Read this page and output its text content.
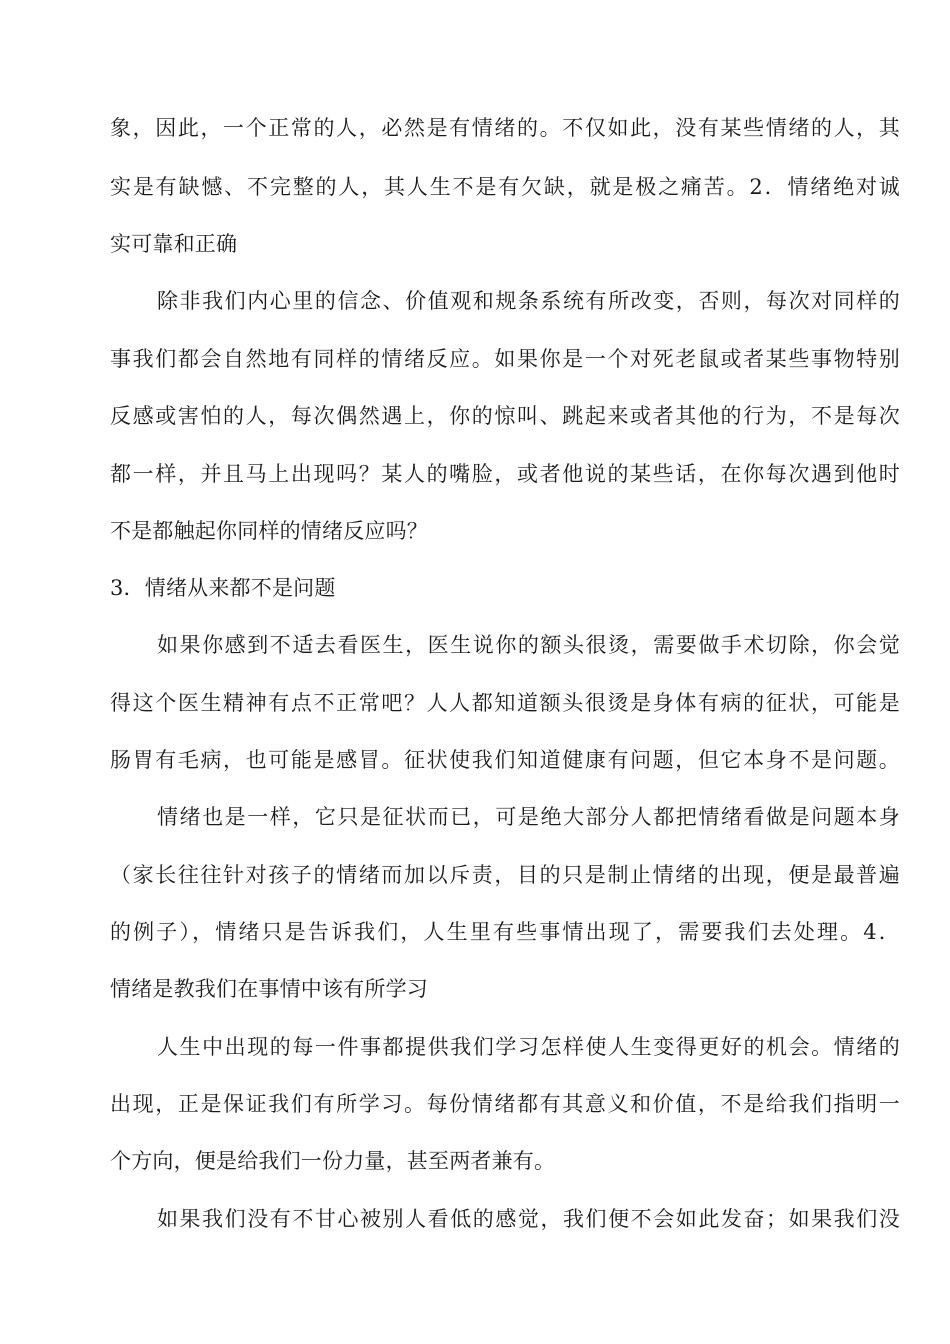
象，因此，一个正常的人，必然是有情绪的。不仅如此，没有某些情绪的人，其
实是有缺憾、不完整的人，其人生不是有欠缺，就是极之痛苦。2．情绪绝对诚
实可靠和正确
除非我们内心里的信念、价值观和规条系统有所改变，否则，每次对同样的
事我们都会自然地有同样的情绪反应。如果你是一个对死老鼠或者某些事物特别
反感或害怕的人，每次偶然遇上，你的惊叫、跳起来或者其他的行为，不是每次
都一样，并且马上出现吗？某人的嘴脸，或者他说的某些话，在你每次遇到他时
不是都触起你同样的情绪反应吗？
3．情绪从来都不是问题
如果你感到不适去看医生，医生说你的额头很烫，需要做手术切除，你会觉
得这个医生精神有点不正常吧？人人都知道额头很烫是身体有病的征状，可能是
肠胃有毛病，也可能是感冒。征状使我们知道健康有问题，但它本身不是问题。
情绪也是一样，它只是征状而已，可是绝大部分人都把情绪看做是问题本身
（家长往往针对孩子的情绪而加以斥责，目的只是制止情绪的出现，便是最普遍
的例子），情绪只是告诉我们，人生里有些事情出现了，需要我们去处理。4．
情绪是教我们在事情中该有所学习
人生中出现的每一件事都提供我们学习怎样使人生变得更好的机会。情绪的
出现，正是保证我们有所学习。每份情绪都有其意义和价值，不是给我们指明一
个方向，便是给我们一份力量，甚至两者兼有。
如果我们没有不甘心被别人看低的感觉，我们便不会如此发奋；如果我们没
